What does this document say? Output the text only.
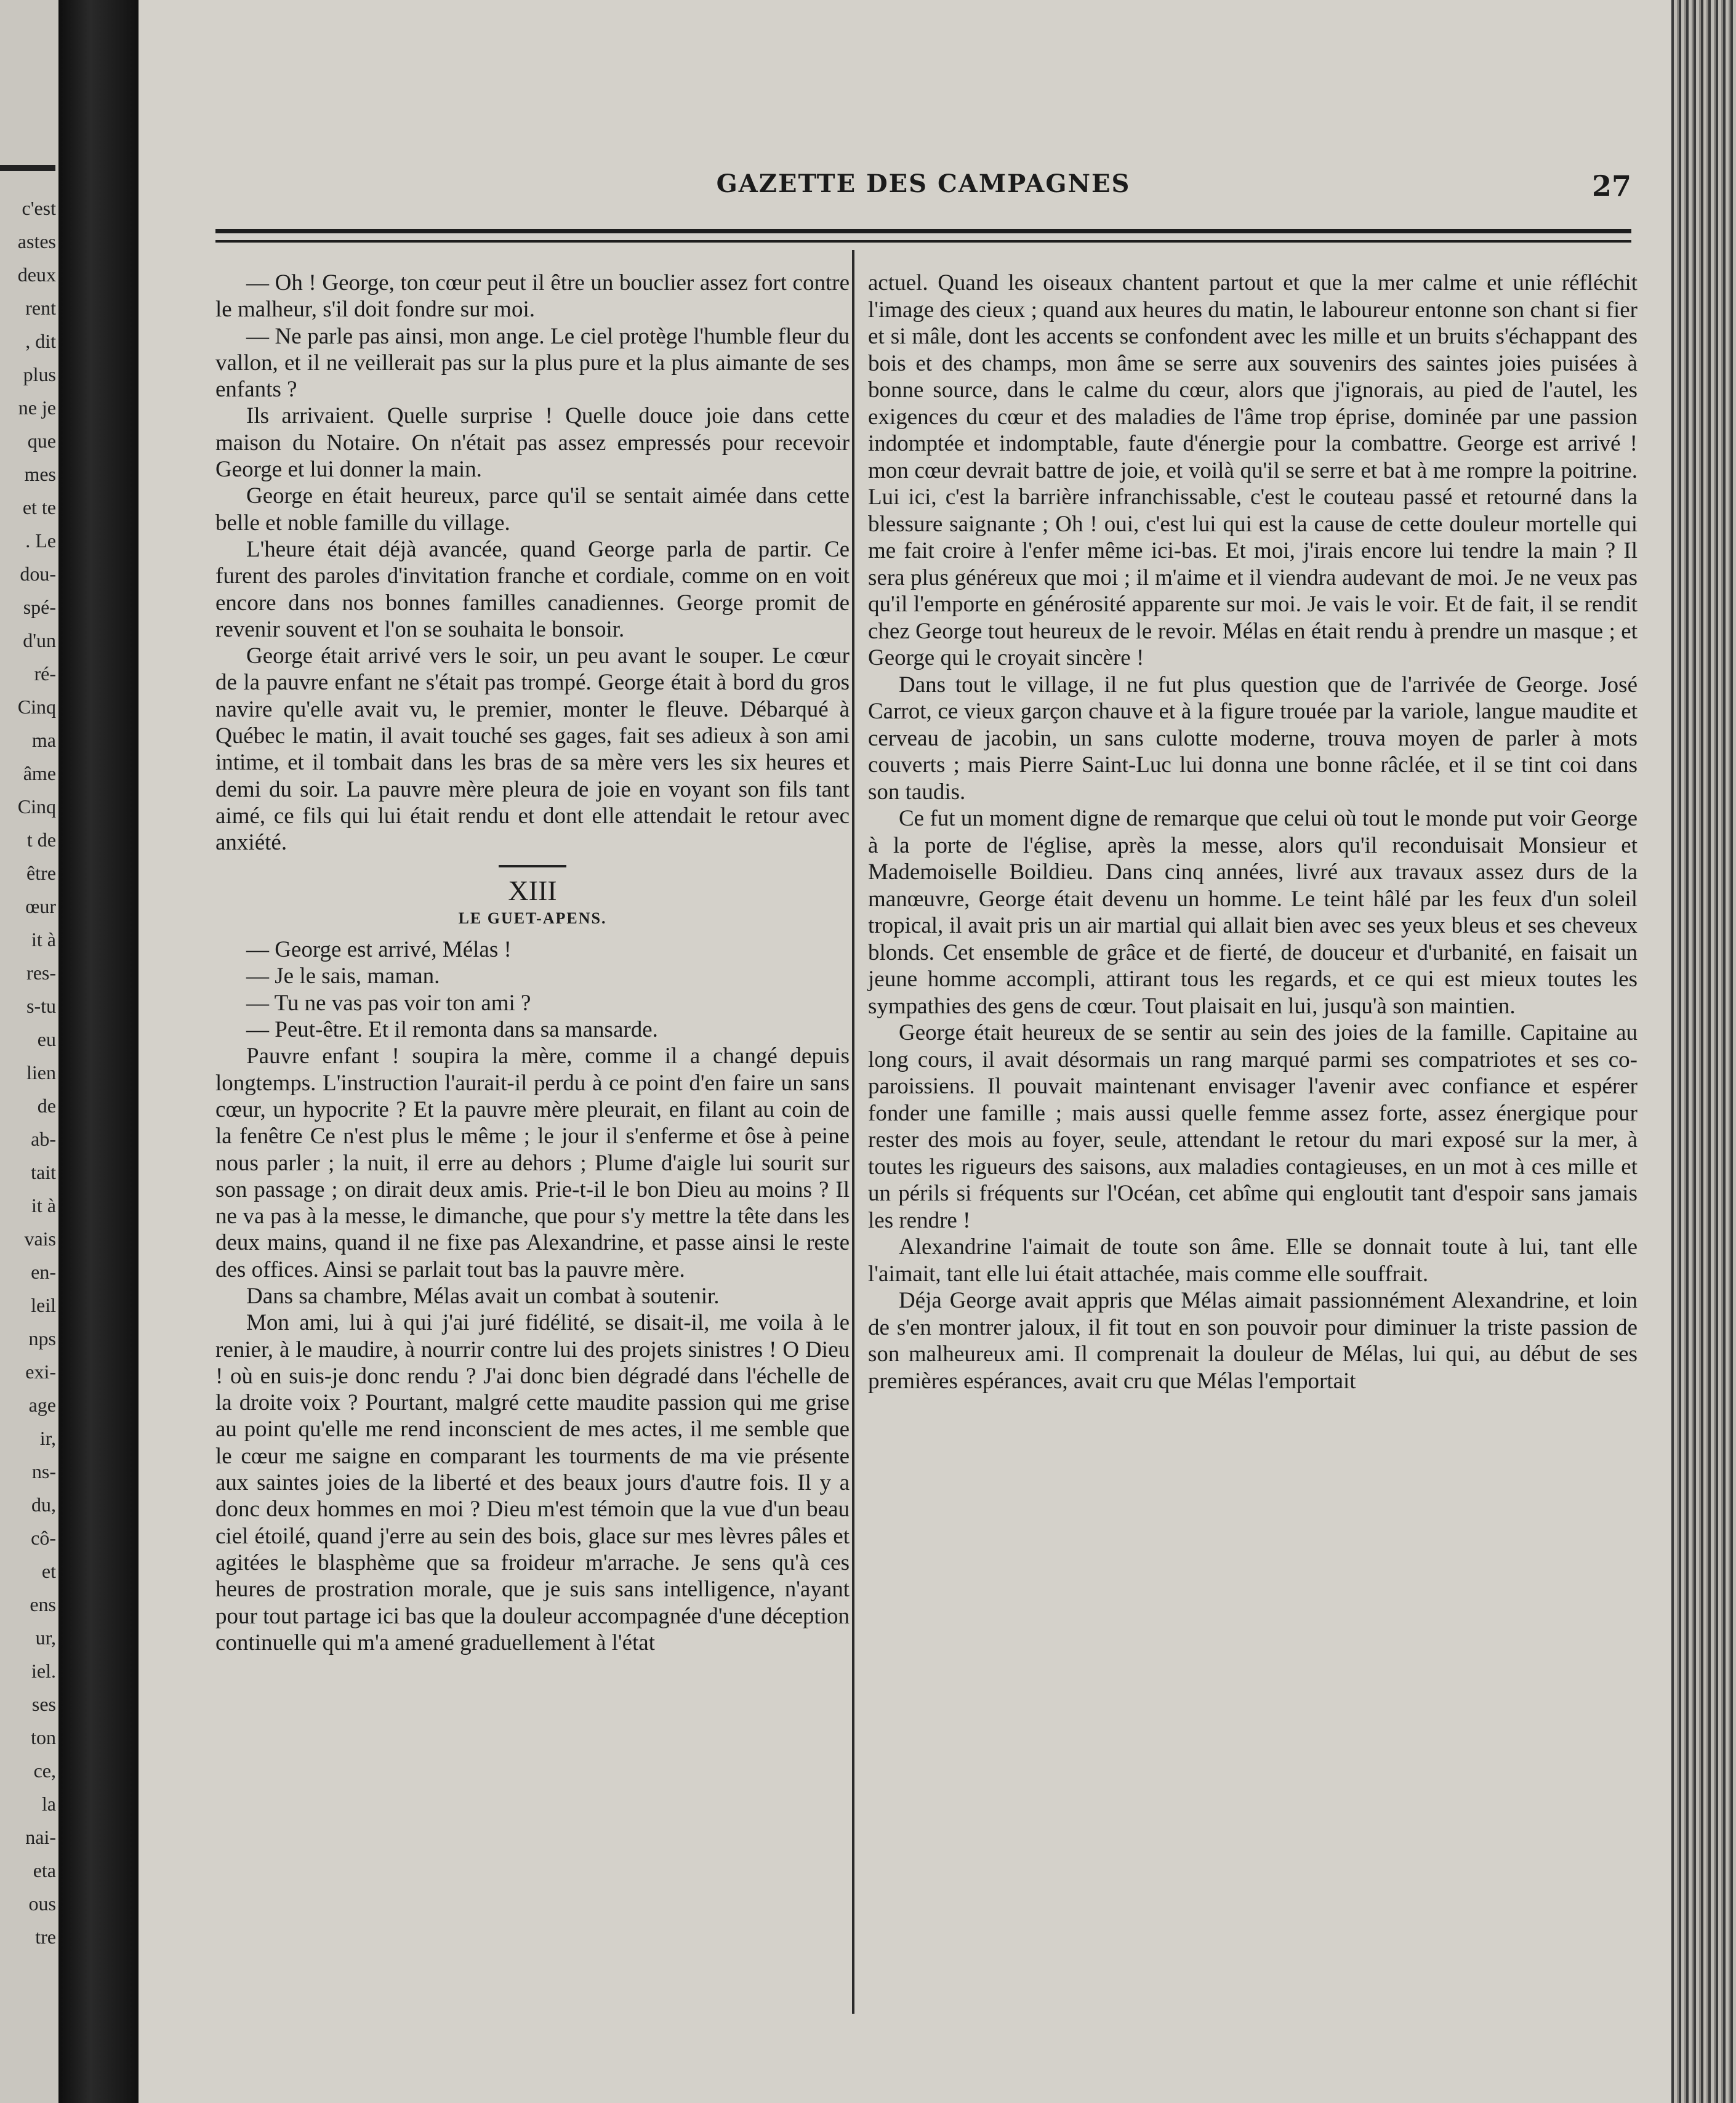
c'est
astes
deux
rent
, dit
plus
ne je
que
mes
et te
. Le
dou-
spé-
d'un
ré-
Cinq
ma
âme
Cinq
t de
être
œur
it à
res-
s-tu
eu
lien
de
ab-
tait
it à
vais
en-
leil
nps
exi-
age
ir,
ns-
du,
cô-
et
ens
ur,
iel.
ses
ton
ce,
la
nai-
eta
ous
tre
GAZETTE DES CAMPAGNES	27

— Oh ! George, ton cœur peut il être un bouclier assez fort contre le malheur, s'il doit fondre sur moi.

— Ne parle pas ainsi, mon ange. Le ciel protège l'humble fleur du vallon, et il ne veillerait pas sur la plus pure et la plus aimante de ses enfants ?

Ils arrivaient. Quelle surprise ! Quelle douce joie dans cette maison du Notaire. On n'était pas assez empressés pour recevoir George et lui donner la main.

George en était heureux, parce qu'il se sentait aimée dans cette belle et noble famille du village.

L'heure était déjà avancée, quand George parla de partir. Ce furent des paroles d'invitation franche et cordiale, comme on en voit encore dans nos bonnes familles canadiennes. George promit de revenir souvent et l'on se souhaita le bonsoir.

George était arrivé vers le soir, un peu avant le souper. Le cœur de la pauvre enfant ne s'était pas trompé. George était à bord du gros navire qu'elle avait vu, le premier, monter le fleuve. Débarqué à Québec le matin, il avait touché ses gages, fait ses adieux à son ami intime, et il tombait dans les bras de sa mère vers les six heures et demi du soir. La pauvre mère pleura de joie en voyant son fils tant aimé, ce fils qui lui était rendu et dont elle attendait le retour avec anxiété.

XIII
LE GUET-APENS.

— George est arrivé, Mélas !

— Je le sais, maman.

— Tu ne vas pas voir ton ami ?

— Peut-être. Et il remonta dans sa mansarde.

Pauvre enfant ! soupira la mère, comme il a changé depuis longtemps. L'instruction l'aurait-il perdu à ce point d'en faire un sans cœur, un hypocrite ? Et la pauvre mère pleurait, en filant au coin de la fenêtre Ce n'est plus le même ; le jour il s'enferme et ôse à peine nous parler ; la nuit, il erre au dehors ; Plume d'aigle lui sourit sur son passage ; on dirait deux amis. Prie-t-il le bon Dieu au moins ? Il ne va pas à la messe, le dimanche, que pour s'y mettre la tête dans les deux mains, quand il ne fixe pas Alexandrine, et passe ainsi le reste des offices. Ainsi se parlait tout bas la pauvre mère.

Dans sa chambre, Mélas avait un combat à soutenir.

Mon ami, lui à qui j'ai juré fidélité, se disait-il, me voila à le renier, à le maudire, à nourrir contre lui des projets sinistres ! O Dieu ! où en suis-je donc rendu ? J'ai donc bien dégradé dans l'échelle de la droite voix ? Pourtant, malgré cette maudite passion qui me grise au point qu'elle me rend inconscient de mes actes, il me semble que le cœur me saigne en comparant les tourments de ma vie présente aux saintes joies de la liberté et des beaux jours d'autre fois. Il y a donc deux hommes en moi ? Dieu m'est témoin que la vue d'un beau ciel étoilé, quand j'erre au sein des bois, glace sur mes lèvres pâles et agitées le blasphème que sa froideur m'arrache. Je sens qu'à ces heures de prostration morale, que je suis sans intelligence, n'ayant pour tout partage ici bas que la douleur accompagnée d'une déception continuelle qui m'a amené graduellement à l'état

actuel. Quand les oiseaux chantent partout et que la mer calme et unie réfléchit l'image des cieux ; quand aux heures du matin, le laboureur entonne son chant si fier et si mâle, dont les accents se confondent avec les mille et un bruits s'échappant des bois et des champs, mon âme se serre aux souvenirs des saintes joies puisées à bonne source, dans le calme du cœur, alors que j'ignorais, au pied de l'autel, les exigences du cœur et des maladies de l'âme trop éprise, dominée par une passion indomptée et indomptable, faute d'énergie pour la combattre. George est arrivé ! mon cœur devrait battre de joie, et voilà qu'il se serre et bat à me rompre la poitrine. Lui ici, c'est la barrière infranchissable, c'est le couteau passé et retourné dans la blessure saignante ; Oh ! oui, c'est lui qui est la cause de cette douleur mortelle qui me fait croire à l'enfer même ici-bas. Et moi, j'irais encore lui tendre la main ? Il sera plus généreux que moi ; il m'aime et il viendra audevant de moi. Je ne veux pas qu'il l'emporte en générosité apparente sur moi. Je vais le voir. Et de fait, il se rendit chez George tout heureux de le revoir. Mélas en était rendu à prendre un masque ; et George qui le croyait sincère !

Dans tout le village, il ne fut plus question que de l'arrivée de George. José Carrot, ce vieux garçon chauve et à la figure trouée par la variole, langue maudite et cerveau de jacobin, un sans culotte moderne, trouva moyen de parler à mots couverts ; mais Pierre Saint-Luc lui donna une bonne râclée, et il se tint coi dans son taudis.

Ce fut un moment digne de remarque que celui où tout le monde put voir George à la porte de l'église, après la messe, alors qu'il reconduisait Monsieur et Mademoiselle Boildieu. Dans cinq années, livré aux travaux assez durs de la manœuvre, George était devenu un homme. Le teint hâlé par les feux d'un soleil tropical, il avait pris un air martial qui allait bien avec ses yeux bleus et ses cheveux blonds. Cet ensemble de grâce et de fierté, de douceur et d'urbanité, en faisait un jeune homme accompli, attirant tous les regards, et ce qui est mieux toutes les sympathies des gens de cœur. Tout plaisait en lui, jusqu'à son maintien.

George était heureux de se sentir au sein des joies de la famille. Capitaine au long cours, il avait désormais un rang marqué parmi ses compatriotes et ses co-paroissiens. Il pouvait maintenant envisager l'avenir avec confiance et espérer fonder une famille ; mais aussi quelle femme assez forte, assez énergique pour rester des mois au foyer, seule, attendant le retour du mari exposé sur la mer, à toutes les rigueurs des saisons, aux maladies contagieuses, en un mot à ces mille et un périls si fréquents sur l'Océan, cet abîme qui engloutit tant d'espoir sans jamais les rendre !

Alexandrine l'aimait de toute son âme. Elle se donnait toute à lui, tant elle l'aimait, tant elle lui était attachée, mais comme elle souffrait.

Déja George avait appris que Mélas aimait passionnément Alexandrine, et loin de s'en montrer jaloux, il fit tout en son pouvoir pour diminuer la triste passion de son malheureux ami. Il comprenait la douleur de Mélas, lui qui, au début de ses premières espérances, avait cru que Mélas l'emportait
